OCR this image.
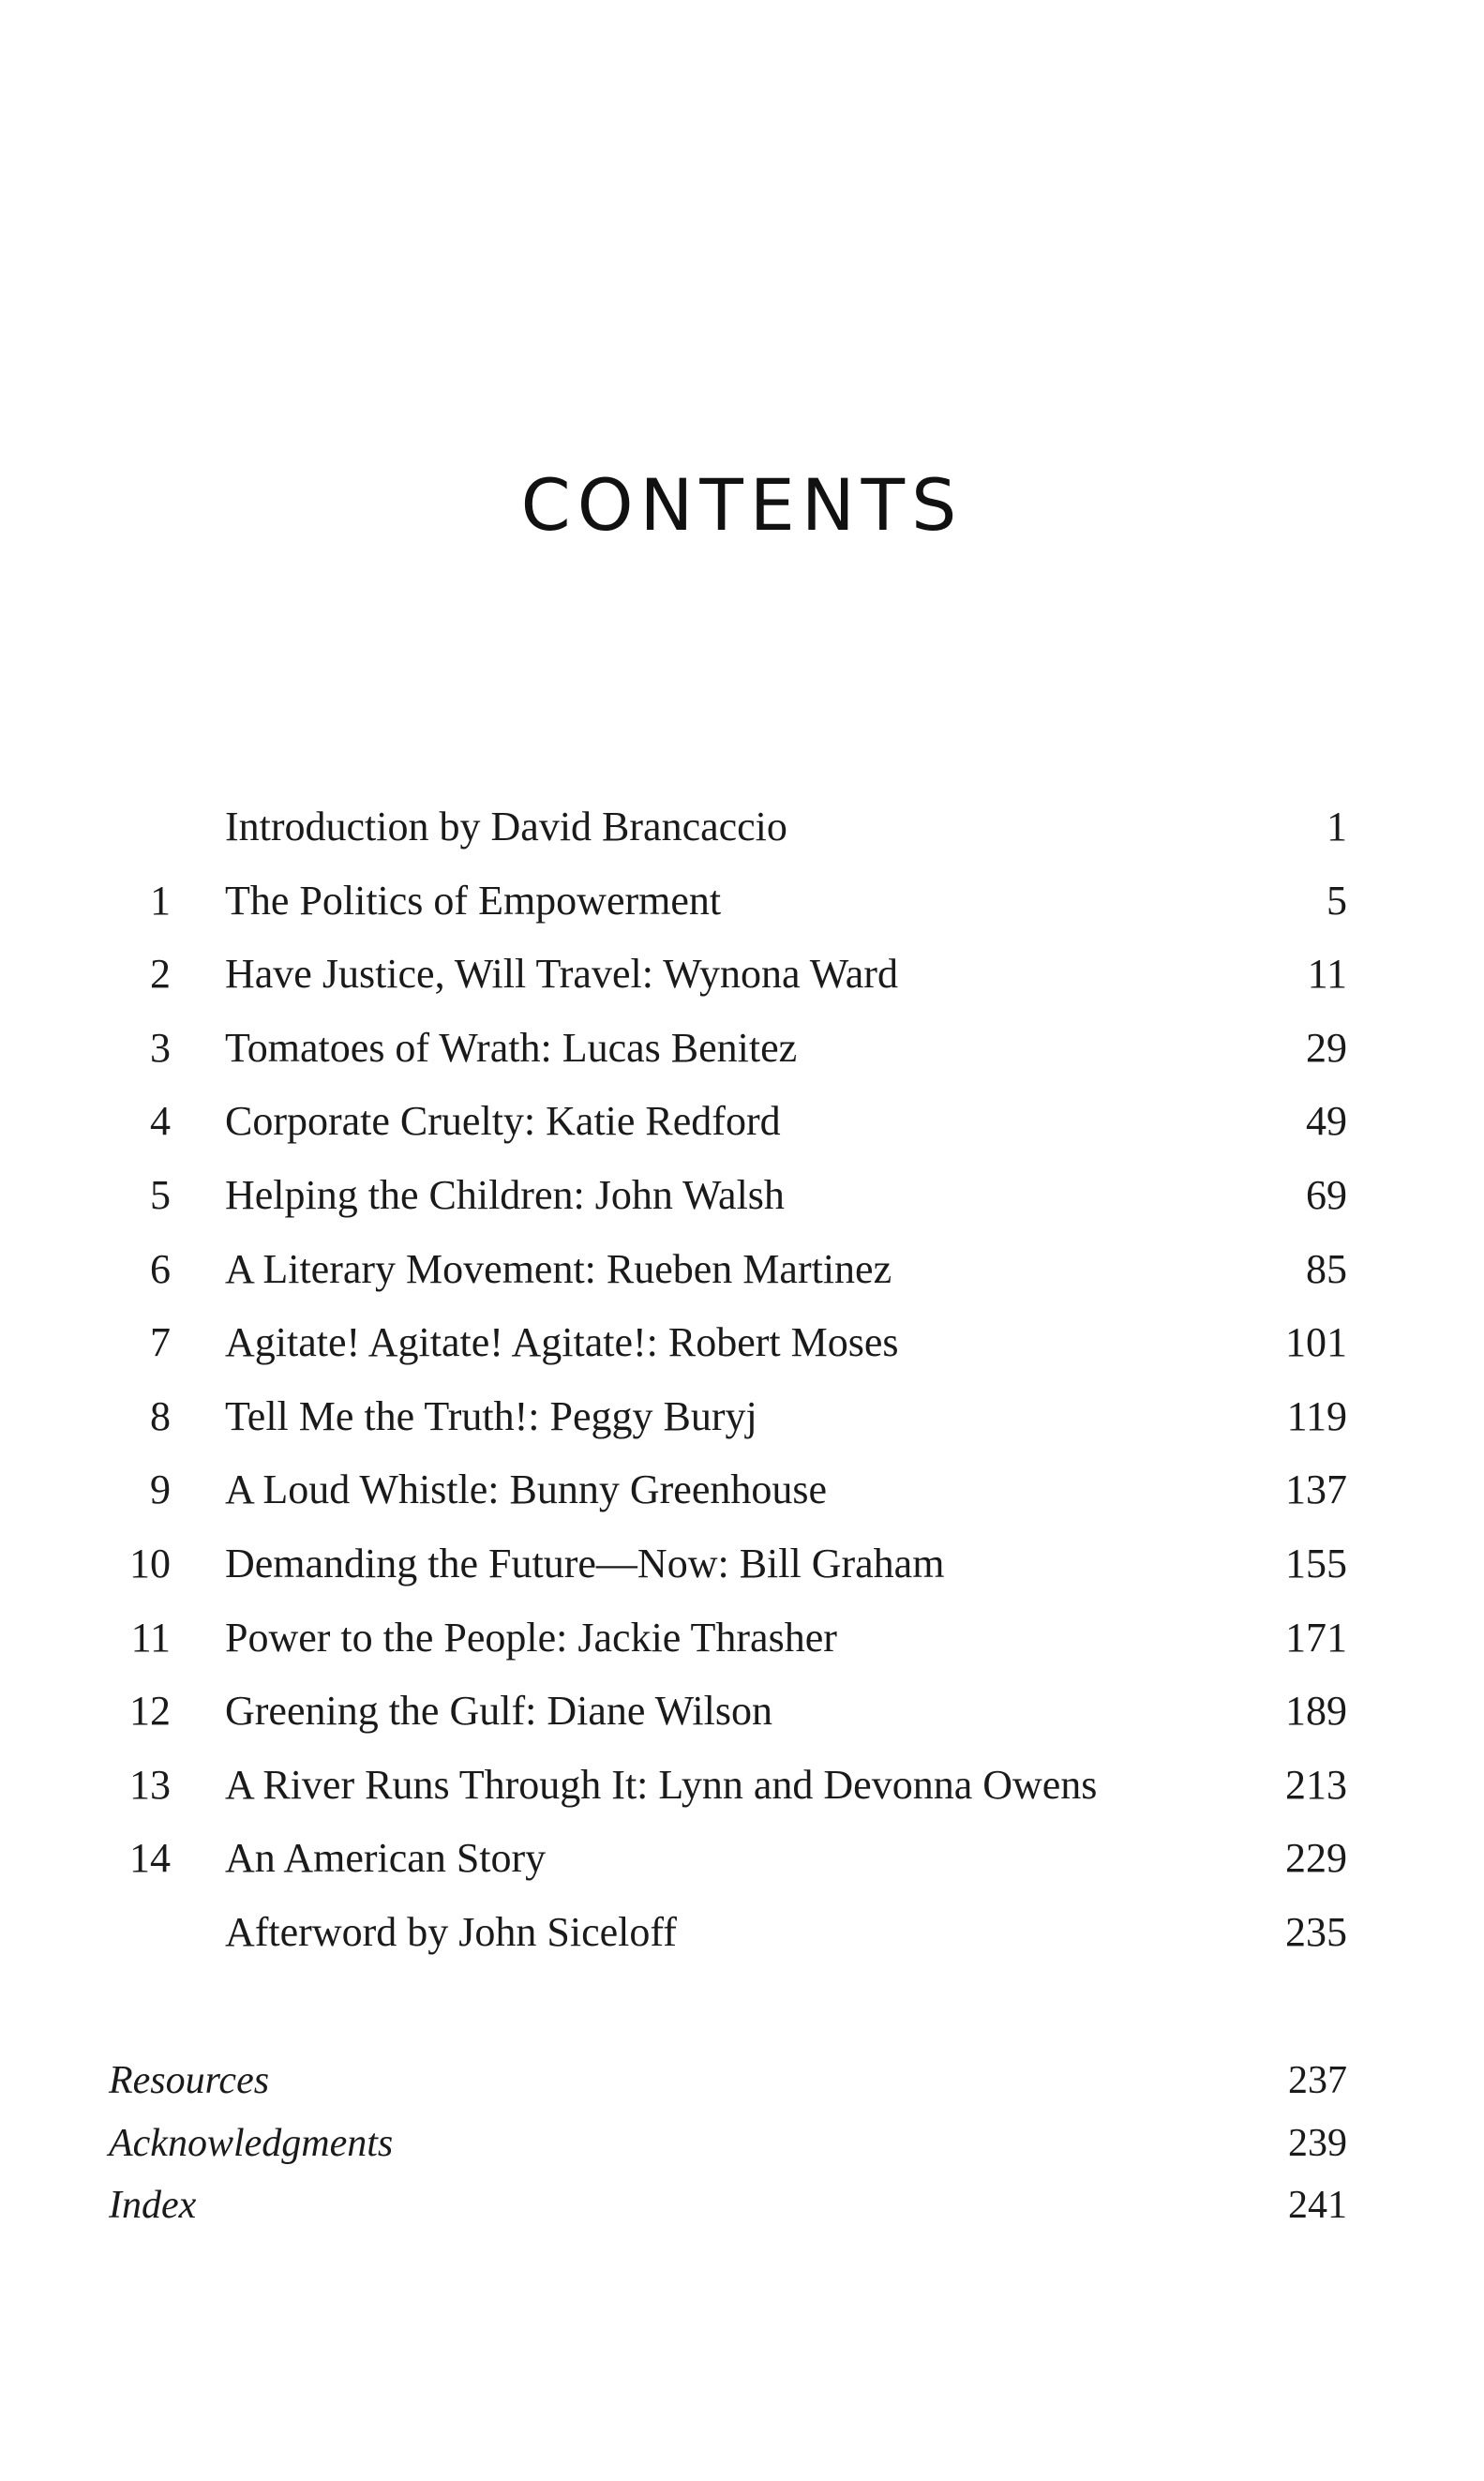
CONTENTS
Introduction by David Brancaccio	1
1 The Politics of Empowerment	5
2 Have Justice, Will Travel: Wynona Ward	11
3 Tomatoes of Wrath: Lucas Benitez	29
4 Corporate Cruelty: Katie Redford	49
5 Helping the Children: John Walsh	69
6 A Literary Movement: Rueben Martinez	85
7 Agitate! Agitate! Agitate!: Robert Moses	101
8 Tell Me the Truth!: Peggy Buryj	119
9 A Loud Whistle: Bunny Greenhouse	137
10 Demanding the Future—Now: Bill Graham	155
11 Power to the People: Jackie Thrasher	171
12 Greening the Gulf: Diane Wilson	189
13 A River Runs Through It: Lynn and Devonna Owens	213
14 An American Story	229
Afterword by John Siceloff	235
Resources	237
Acknowledgments	239
Index	241
